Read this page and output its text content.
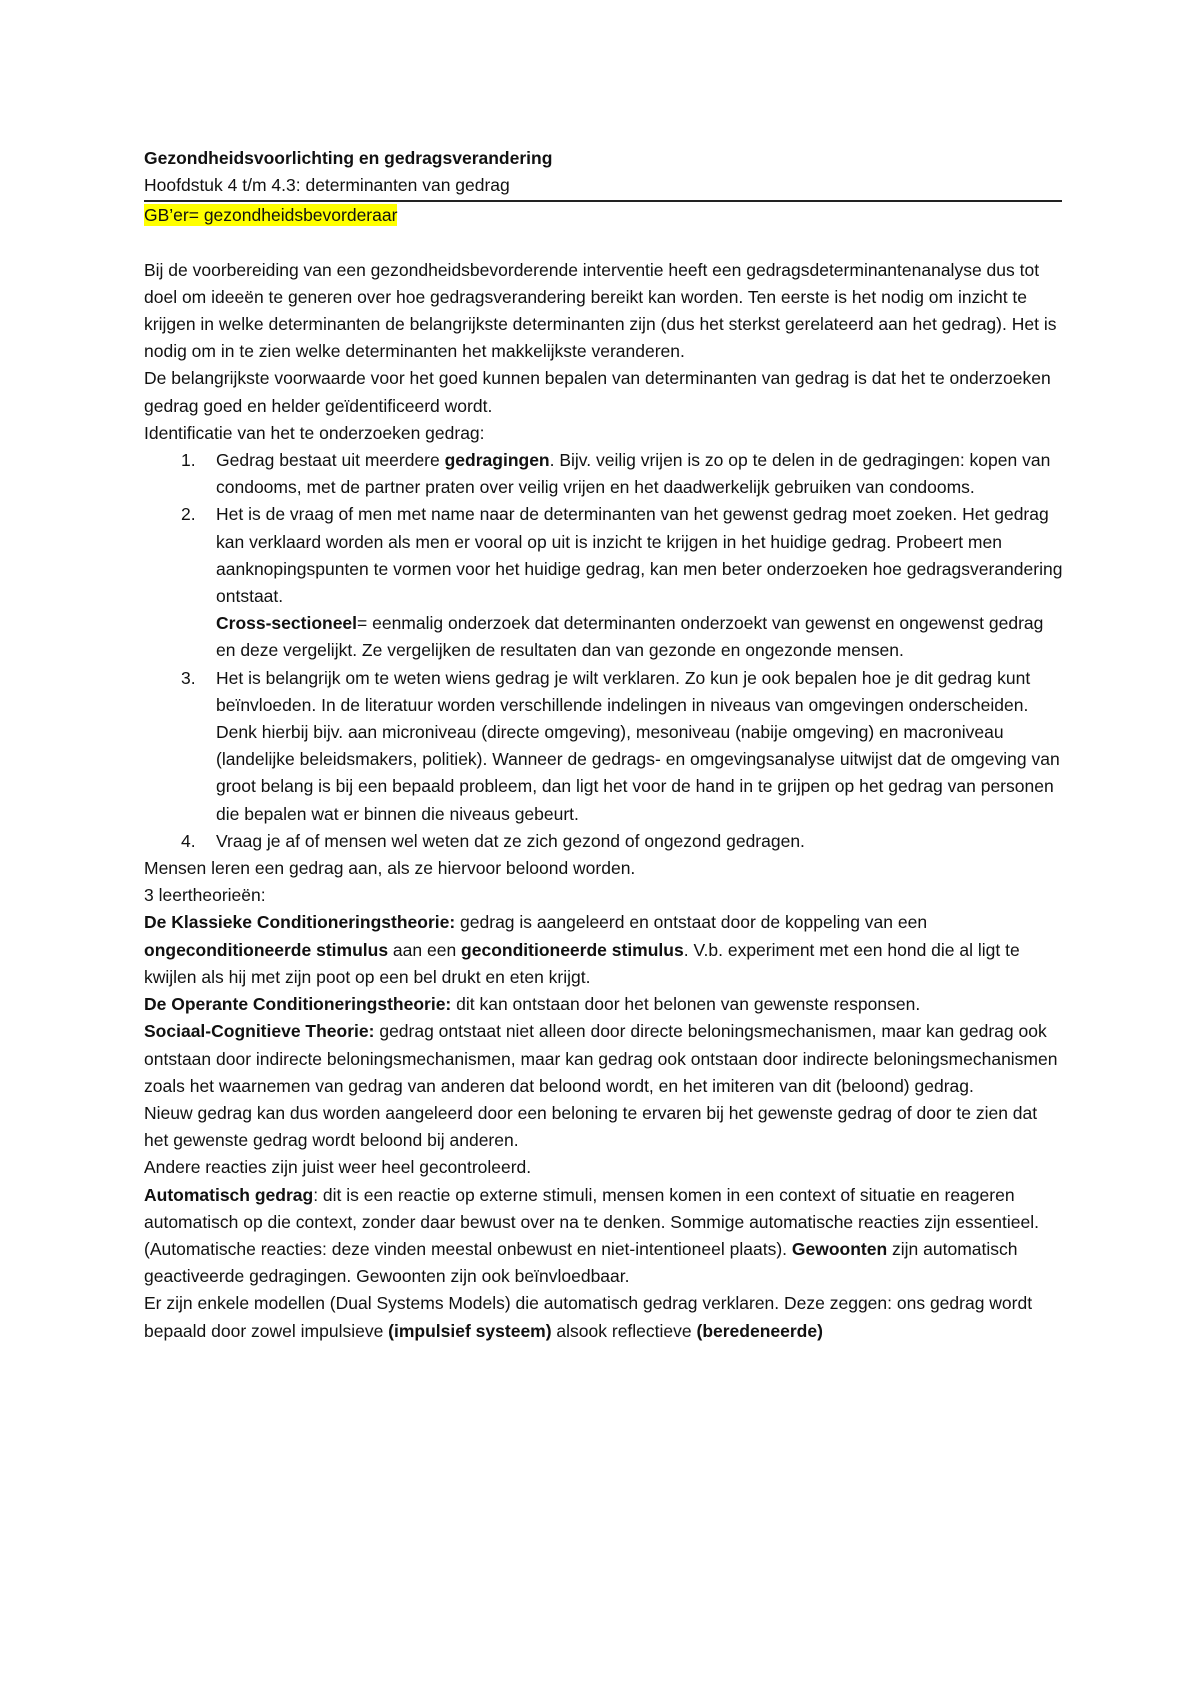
Gezondheidsvoorlichting en gedragsverandering

Hoofdstuk 4 t/m 4.3: determinanten van gedrag

GB’er= gezondheidsbevorderaar

Bij de voorbereiding van een gezondheidsbevorderende interventie heeft een gedragsdeterminantenanalyse dus tot doel om ideeën te generen over hoe gedragsverandering bereikt kan worden. Ten eerste is het nodig om inzicht te krijgen in welke determinanten de belangrijkste determinanten zijn (dus het sterkst gerelateerd aan het gedrag). Het is nodig om in te zien welke determinanten het makkelijkste veranderen.

De belangrijkste voorwaarde voor het goed kunnen bepalen van determinanten van gedrag is dat het te onderzoeken gedrag goed en helder geïdentificeerd wordt.

Identificatie van het te onderzoeken gedrag:

1. Gedrag bestaat uit meerdere gedragingen. Bijv. veilig vrijen is zo op te delen in de gedragingen: kopen van condooms, met de partner praten over veilig vrijen en het daadwerkelijk gebruiken van condooms.
2. Het is de vraag of men met name naar de determinanten van het gewenst gedrag moet zoeken. Het gedrag kan verklaard worden als men er vooral op uit is inzicht te krijgen in het huidige gedrag. Probeert men aanknopingspunten te vormen voor het huidige gedrag, kan men beter onderzoeken hoe gedragsverandering ontstaat.
Cross-sectioneel= eenmalig onderzoek dat determinanten onderzoekt van gewenst en ongewenst gedrag en deze vergelijkt. Ze vergelijken de resultaten dan van gezonde en ongezonde mensen.
3. Het is belangrijk om te weten wiens gedrag je wilt verklaren. Zo kun je ook bepalen hoe je dit gedrag kunt beïnvloeden. In de literatuur worden verschillende indelingen in niveaus van omgevingen onderscheiden. Denk hierbij bijv. aan microniveau (directe omgeving), mesoniveau (nabije omgeving) en macroniveau (landelijke beleidsmakers, politiek). Wanneer de gedrags- en omgevingsanalyse uitwijst dat de omgeving van groot belang is bij een bepaald probleem, dan ligt het voor de hand in te grijpen op het gedrag van personen die bepalen wat er binnen die niveaus gebeurt.
4. Vraag je af of mensen wel weten dat ze zich gezond of ongezond gedragen.

Mensen leren een gedrag aan, als ze hiervoor beloond worden.

3 leertheorieën:

De Klassieke Conditioneringstheorie: gedrag is aangeleerd en ontstaat door de koppeling van een ongeconditioneerde stimulus aan een geconditioneerde stimulus. V.b. experiment met een hond die al ligt te kwijlen als hij met zijn poot op een bel drukt en eten krijgt.

De Operante Conditioneringstheorie: dit kan ontstaan door het belonen van gewenste responsen.

Sociaal-Cognitieve Theorie: gedrag ontstaat niet alleen door directe beloningsmechanismen, maar kan gedrag ook ontstaan door indirecte beloningsmechanismen, maar kan gedrag ook ontstaan door indirecte beloningsmechanismen zoals het waarnemen van gedrag van anderen dat beloond wordt, en het imiteren van dit (beloond) gedrag.

Nieuw gedrag kan dus worden aangeleerd door een beloning te ervaren bij het gewenste gedrag of door te zien dat het gewenste gedrag wordt beloond bij anderen.

Andere reacties zijn juist weer heel gecontroleerd.

Automatisch gedrag: dit is een reactie op externe stimuli, mensen komen in een context of situatie en reageren automatisch op die context, zonder daar bewust over na te denken. Sommige automatische reacties zijn essentieel. (Automatische reacties: deze vinden meestal onbewust en niet-intentioneel plaats). Gewoonten zijn automatisch geactiveerde gedragingen. Gewoonten zijn ook beïnvloedbaar.

Er zijn enkele modellen (Dual Systems Models) die automatisch gedrag verklaren. Deze zeggen: ons gedrag wordt bepaald door zowel impulsieve (impulsief systeem) alsook reflectieve (beredeneerde)
